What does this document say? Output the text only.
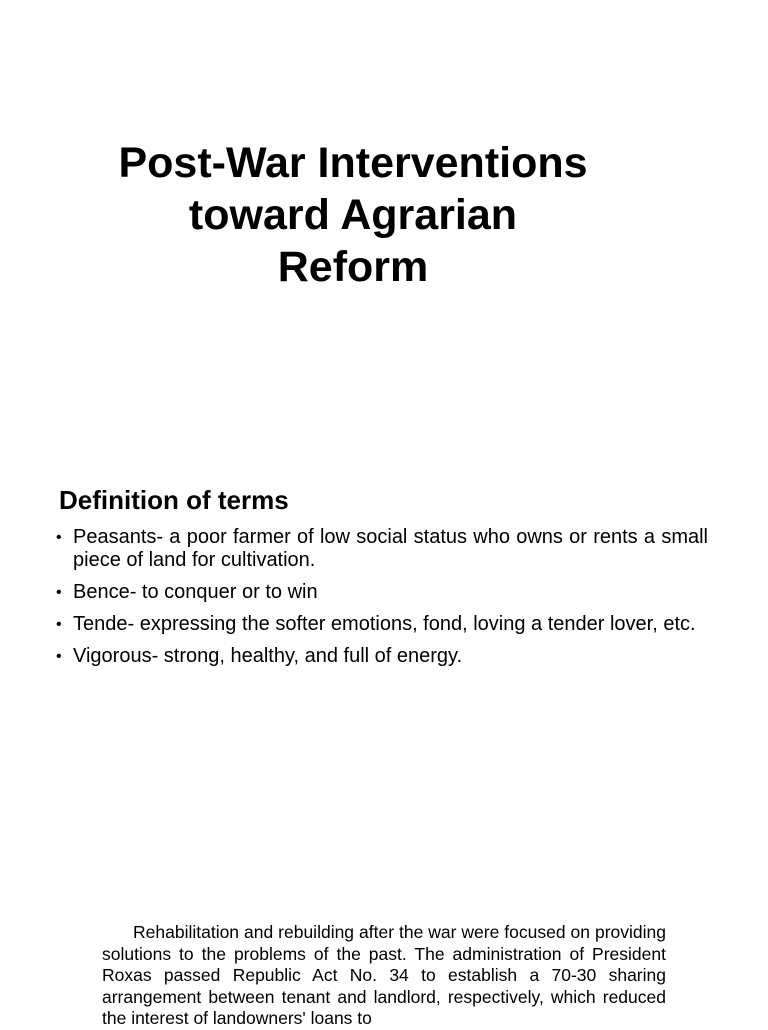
Post-War Interventions
toward Agrarian
Reform
Definition of terms
• Peasants- a poor farmer of low social status who owns or rents a small piece of land for cultivation.
• Bence- to conquer or to win
• Tende- expressing the softer emotions, fond, loving a tender lover, etc.
• Vigorous- strong, healthy, and full of energy.

Rehabilitation and rebuilding after the war were focused on providing solutions to the problems of the past. The administration of President Roxas passed Republic Act No. 34 to establish a 70-30 sharing arrangement between tenant and landlord, respectively, which reduced the interest of landowners' loans to
